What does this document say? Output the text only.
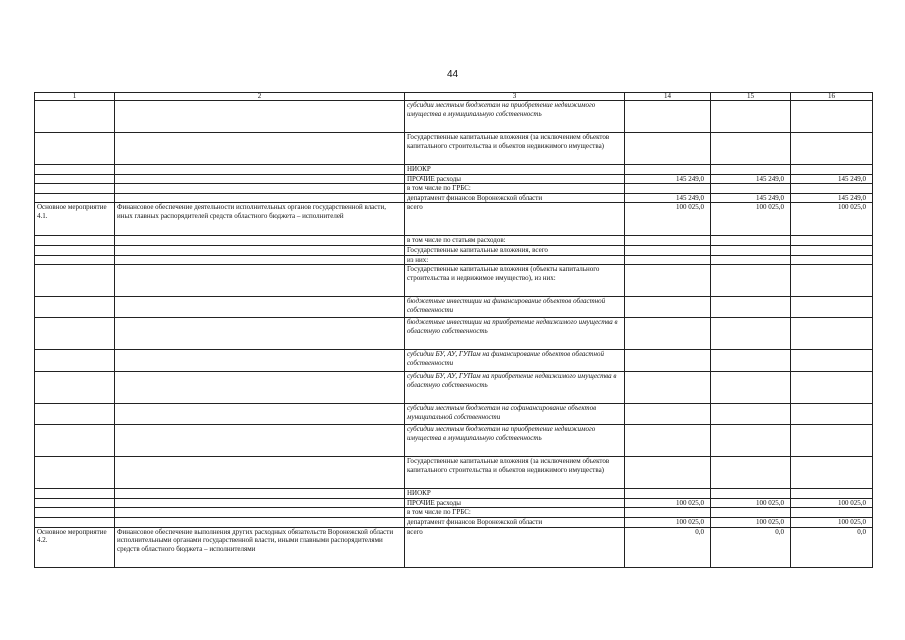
44
1	2	3	14	15	16
		субсидии местным бюджетам на приобретение недвижимого имущества в муниципальную собственность			
		Государственные капитальные вложения (за исключением объектов капитального строительства и объектов недвижимого имущества)			
		НИОКР			
		ПРОЧИЕ расходы	145 249,0	145 249,0	145 249,0
		в том числе по ГРБС:			
		департамент финансов Воронежской области	145 249,0	145 249,0	145 249,0
Основное мероприятие 4.1.	Финансовое обеспечение деятельности исполнительных органов государственной власти, иных главных распорядителей средств областного бюджета – исполнителей	всего	100 025,0	100 025,0	100 025,0
		в том числе по статьям расходов:			
		Государственные капитальные вложения, всего			
		из них:			
		Государственные капитальные вложения (объекты капитального строительства и недвижимое имущество), из них:			
		бюджетные инвестиции на финансирование объектов областной собственности			
		бюджетные инвестиции на приобретение недвижимого имущества в областную собственность			
		субсидии БУ, АУ, ГУПам на финансирование объектов областной собственности			
		субсидии БУ, АУ, ГУПам на приобретение недвижимого имущества в областную собственность			
		субсидии местным бюджетам на софинансирование объектов муниципальной собственности			
		субсидии местным бюджетам на приобретение недвижимого имущества в муниципальную собственность			
		Государственные капитальные вложения (за исключением объектов капитального строительства и объектов недвижимого имущества)			
		НИОКР			
		ПРОЧИЕ расходы	100 025,0	100 025,0	100 025,0
		в том числе по ГРБС:			
		департамент финансов Воронежской области	100 025,0	100 025,0	100 025,0
Основное мероприятие 4.2.	Финансовое обеспечение выполнения других расходных обязательств Воронежской области исполнительными органами государственной власти, иными главными распорядителями средств областного бюджета – исполнителями	всего	0,0	0,0	0,0
